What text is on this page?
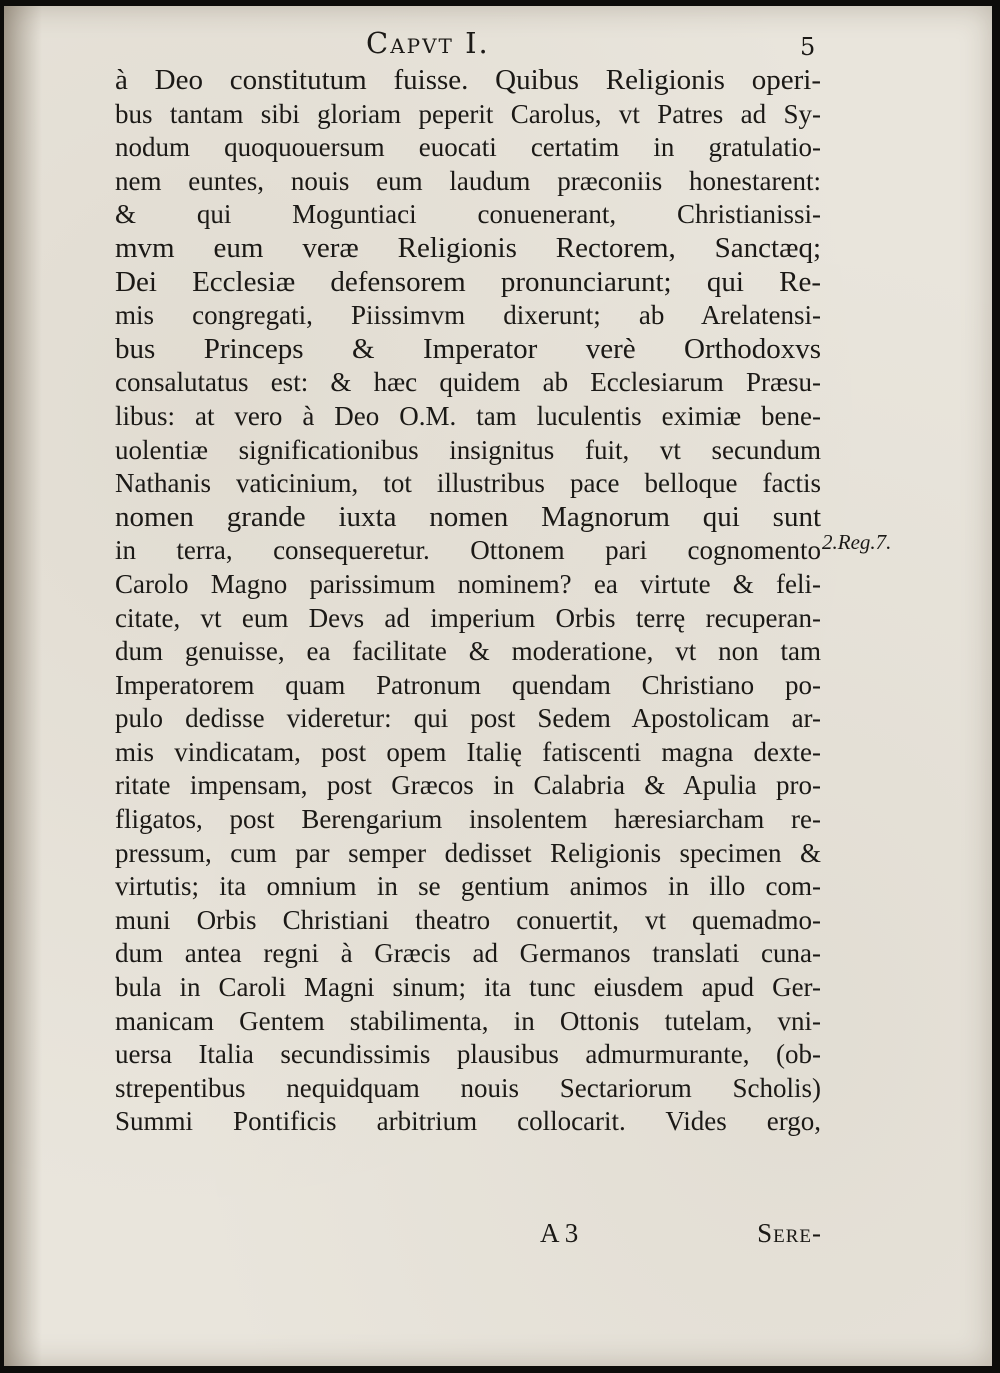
Capvt I.	5
à Deo constitutum fuisse. Quibus Religionis operi-
bus tantam sibi gloriam peperit Carolus, vt Patres ad Sy-
nodum quoquouersum euocati certatim in gratulatio-
nem euntes, nouis eum laudum præconiis honestarent:
& qui Moguntiaci conuenerant, Christianissi-
mvm eum veræ Religionis Rectorem, Sanctæq;
Dei Ecclesiæ defensorem pronunciarunt; qui Re-
mis congregati, Piissimvm dixerunt; ab Arelatensi-
bus Princeps & Imperator verè Orthodoxvs
consalutatus est: & hæc quidem ab Ecclesiarum Præsu-
libus: at vero à Deo O.M. tam luculentis eximiæ bene-
uolentiæ significationibus insignitus fuit, vt secundum
Nathanis vaticinium, tot illustribus pace belloque factis
nomen grande iuxta nomen Magnorum qui sunt
in terra, consequeretur. Ottonem pari cognomento
Carolo Magno parissimum nominem? ea virtute & feli-
citate, vt eum Devs ad imperium Orbis terrę recuperan-
dum genuisse, ea facilitate & moderatione, vt non tam
Imperatorem quam Patronum quendam Christiano po-
pulo dedisse videretur: qui post Sedem Apostolicam ar-
mis vindicatam, post opem Italię fatiscenti magna dexte-
ritate impensam, post Græcos in Calabria & Apulia pro-
fligatos, post Berengarium insolentem hæresiarcham re-
pressum, cum par semper dedisset Religionis specimen &
virtutis; ita omnium in se gentium animos in illo com-
muni Orbis Christiani theatro conuertit, vt quemadmo-
dum antea regni à Græcis ad Germanos translati cuna-
bula in Caroli Magni sinum; ita tunc eiusdem apud Ger-
manicam Gentem stabilimenta, in Ottonis tutelam, vni-
uersa Italia secundissimis plausibus admurmurante, (ob-
strepentibus nequidquam nouis Sectariorum Scholis)
Summi Pontificis arbitrium collocarit. Vides ergo,
2.Reg.7.
A 3	Sere-
